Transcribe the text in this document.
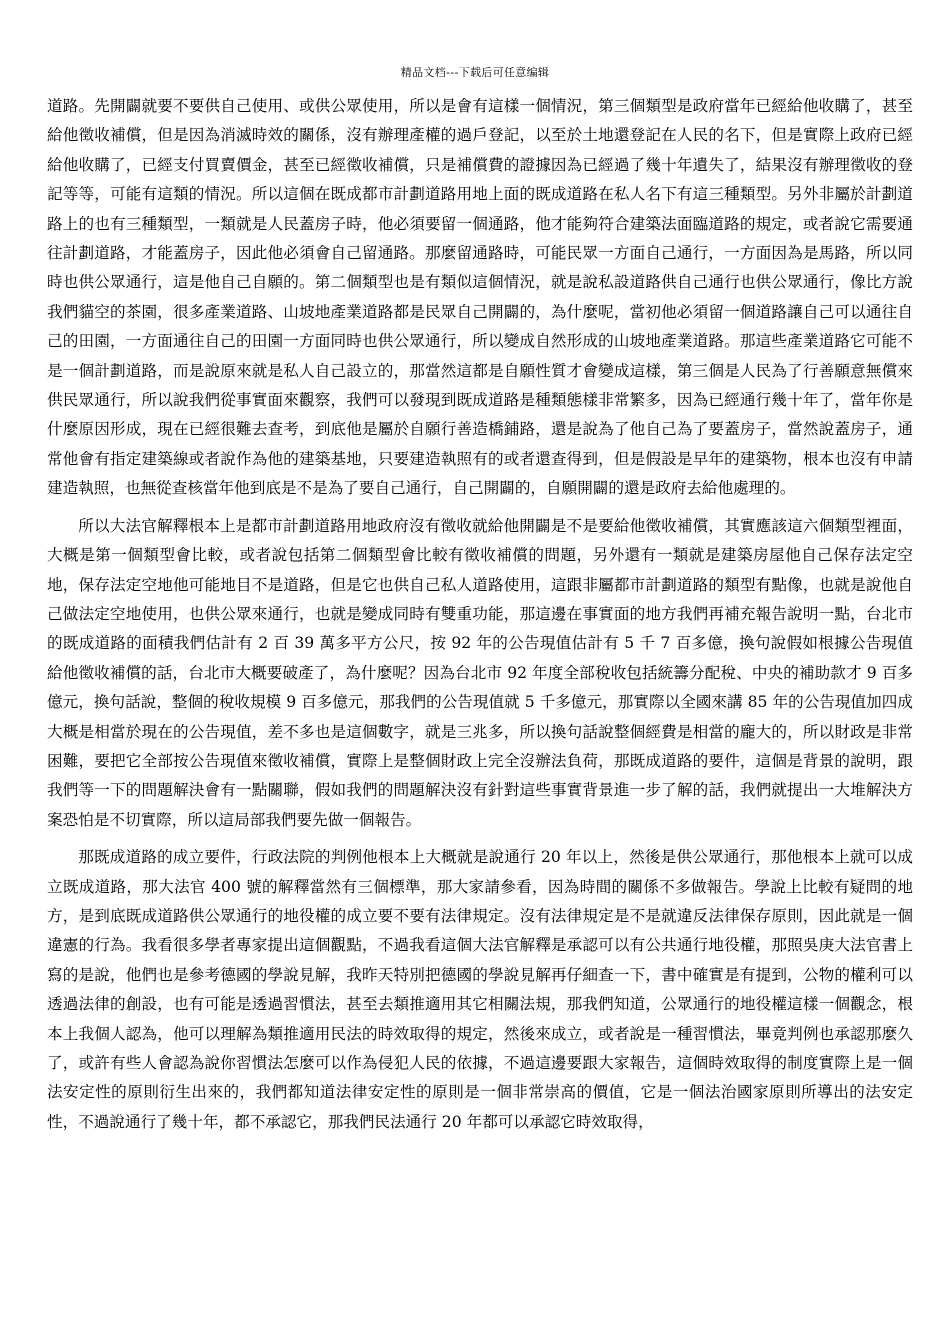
精品文档---下载后可任意编辑

道路。先開闢就要不要供自己使用、或供公眾使用，所以是會有這樣一個情況，第三個類型是政府當年已經給他收購了，甚至給他徵收補償，但是因為消滅時效的關係，沒有辦理產權的過戶登記，以至於土地還登記在人民的名下，但是實際上政府已經給他收購了，已經支付買賣價金，甚至已經徵收補償，只是補償費的證據因為已經過了幾十年遺失了，結果沒有辦理徵收的登記等等，可能有這類的情況。所以這個在既成都市計劃道路用地上面的既成道路在私人名下有這三種類型。另外非屬於計劃道路上的也有三種類型，一類就是人民蓋房子時，他必須要留一個通路，他才能夠符合建築法面臨道路的規定，或者說它需要通往計劃道路，才能蓋房子，因此他必須會自己留通路。那麼留通路時，可能民眾一方面自己通行，一方面因為是馬路，所以同時也供公眾通行，這是他自己自願的。第二個類型也是有類似這個情況，就是說私設道路供自己通行也供公眾通行，像比方說我們貓空的茶園，很多產業道路、山坡地產業道路都是民眾自己開闢的，為什麼呢，當初他必須留一個道路讓自己可以通往自己的田園，一方面通往自己的田園一方面同時也供公眾通行，所以變成自然形成的山坡地產業道路。那這些產業道路它可能不是一個計劃道路，而是說原來就是私人自己設立的，那當然這都是自願性質才會變成這樣，第三個是人民為了行善願意無償來供民眾通行，所以說我們從事實面來觀察，我們可以發現到既成道路是種類態樣非常繁多，因為已經通行幾十年了，當年你是什麼原因形成，現在已經很難去查考，到底他是屬於自願行善造橋鋪路，還是說為了他自己為了要蓋房子，當然說蓋房子，通常他會有指定建築線或者說作為他的建築基地，只要建造執照有的或者還查得到，但是假設是早年的建築物，根本也沒有申請建造執照，也無從查核當年他到底是不是為了要自己通行，自己開闢的，自願開闢的還是政府去給他處理的。

所以大法官解釋根本上是都市計劃道路用地政府沒有徵收就給他開闢是不是要給他徵收補償，其實應該這六個類型裡面，大概是第一個類型會比較，或者說包括第二個類型會比較有徵收補償的問題，另外還有一類就是建築房屋他自己保存法定空地，保存法定空地他可能地目不是道路，但是它也供自己私人道路使用，這跟非屬都市計劃道路的類型有點像，也就是說他自己做法定空地使用，也供公眾來通行，也就是變成同時有雙重功能，那這邊在事實面的地方我們再補充報告說明一點，台北市的既成道路的面積我們估計有 2 百 39 萬多平方公尺，按 92 年的公告現值估計有 5 千 7 百多億，換句說假如根據公告現值給他徵收補償的話，台北市大概要破產了，為什麼呢？因為台北市 92 年度全部稅收包括統籌分配稅、中央的補助款才 9 百多億元，換句話說，整個的稅收規模 9 百多億元，那我們的公告現值就 5 千多億元，那實際以全國來講 85 年的公告現值加四成大概是相當於現在的公告現值，差不多也是這個數字，就是三兆多，所以換句話說整個經費是相當的龐大的，所以財政是非常困難，要把它全部按公告現值來徵收補償，實際上是整個財政上完全沒辦法負荷，那既成道路的要件，這個是背景的說明，跟我們等一下的問題解決會有一點關聯，假如我們的問題解決沒有針對這些事實背景進一步了解的話，我們就提出一大堆解決方案恐怕是不切實際，所以這局部我們要先做一個報告。

那既成道路的成立要件，行政法院的判例他根本上大概就是說通行 20 年以上，然後是供公眾通行，那他根本上就可以成立既成道路，那大法官 400 號的解釋當然有三個標準，那大家請參看，因為時間的關係不多做報告。學說上比較有疑問的地方，是到底既成道路供公眾通行的地役權的成立要不要有法律規定。沒有法律規定是不是就違反法律保存原則，因此就是一個違憲的行為。我看很多學者專家提出這個觀點，不過我看這個大法官解釋是承認可以有公共通行地役權，那照吳庚大法官書上寫的是說，他們也是參考德國的學說見解，我昨天特別把德國的學說見解再仔細查一下，書中確實是有提到，公物的權利可以透過法律的創設，也有可能是透過習慣法，甚至去類推適用其它相關法規，那我們知道，公眾通行的地役權這樣一個觀念，根本上我個人認為，他可以理解為類推適用民法的時效取得的規定，然後來成立，或者說是一種習慣法，畢竟判例也承認那麼久了，或許有些人會認為說你習慣法怎麼可以作為侵犯人民的依據，不過這邊要跟大家報告，這個時效取得的制度實際上是一個法安定性的原則衍生出來的，我們都知道法律安定性的原則是一個非常崇高的價值，它是一個法治國家原則所導出的法安定性，不過說通行了幾十年，都不承認它，那我們民法通行 20 年都可以承認它時效取得，
